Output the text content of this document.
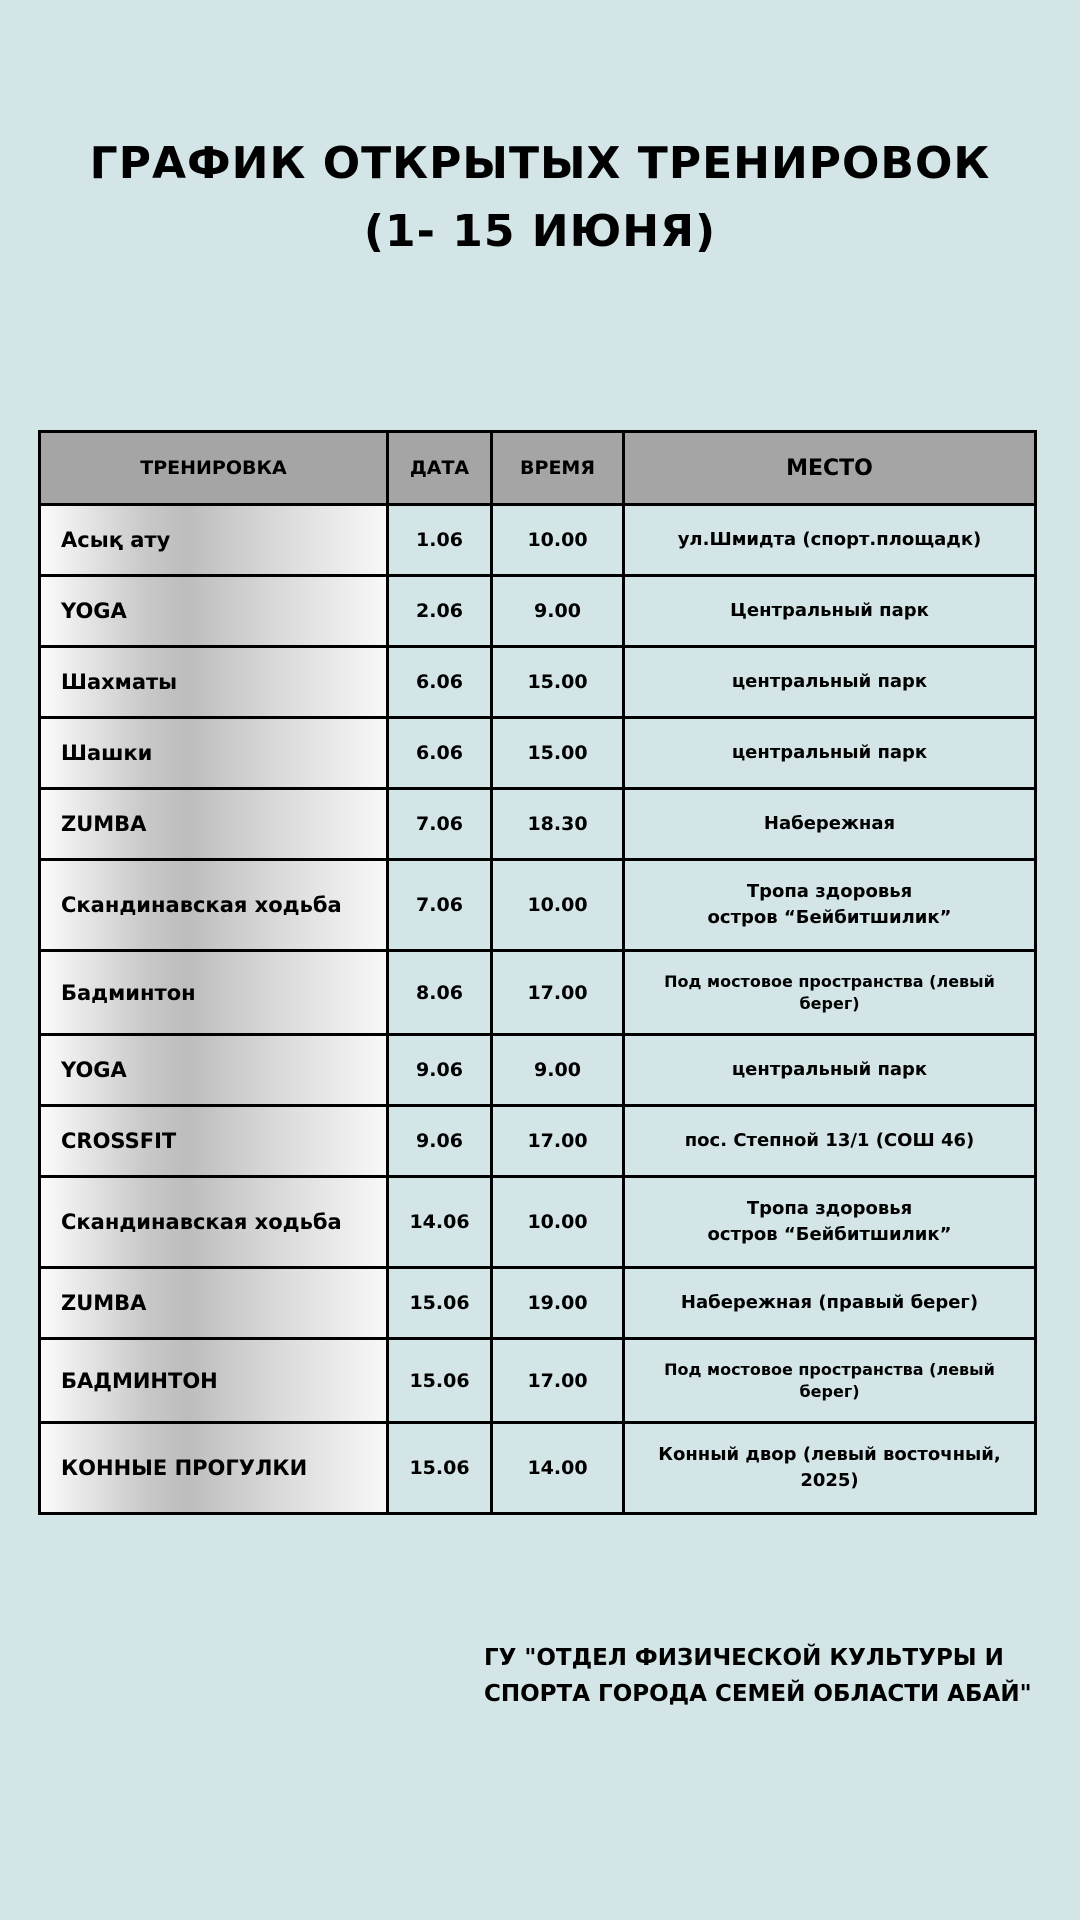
ГРАФИК ОТКРЫТЫХ ТРЕНИРОВОК
(1- 15 ИЮНЯ)
ТРЕНИРОВКА	ДАТА	ВРЕМЯ	МЕСТО
Асық ату	1.06	10.00	ул.Шмидта (спорт.площадк)
YOGA	2.06	9.00	Центральный парк
Шахматы	6.06	15.00	центральный парк
Шашки	6.06	15.00	центральный парк
ZUMBA	7.06	18.30	Набережная
Скандинавская ходьба	7.06	10.00	Тропа здоровья
остров “Бейбитшилик”
Бадминтон	8.06	17.00	Под мостовое пространства (левый
берег)
YOGA	9.06	9.00	центральный парк
CROSSFIT	9.06	17.00	пос. Степной 13/1 (СОШ 46)
Скандинавская ходьба	14.06	10.00	Тропа здоровья
остров “Бейбитшилик”
ZUMBA	15.06	19.00	Набережная (правый берег)
БАДМИНТОН	15.06	17.00	Под мостовое пространства (левый
берег)
КОННЫЕ ПРОГУЛКИ	15.06	14.00	Конный двор (левый восточный,
2025)
ГУ "ОТДЕЛ ФИЗИЧЕСКОЙ КУЛЬТУРЫ И
СПОРТА ГОРОДА СЕМЕЙ ОБЛАСТИ АБАЙ"
